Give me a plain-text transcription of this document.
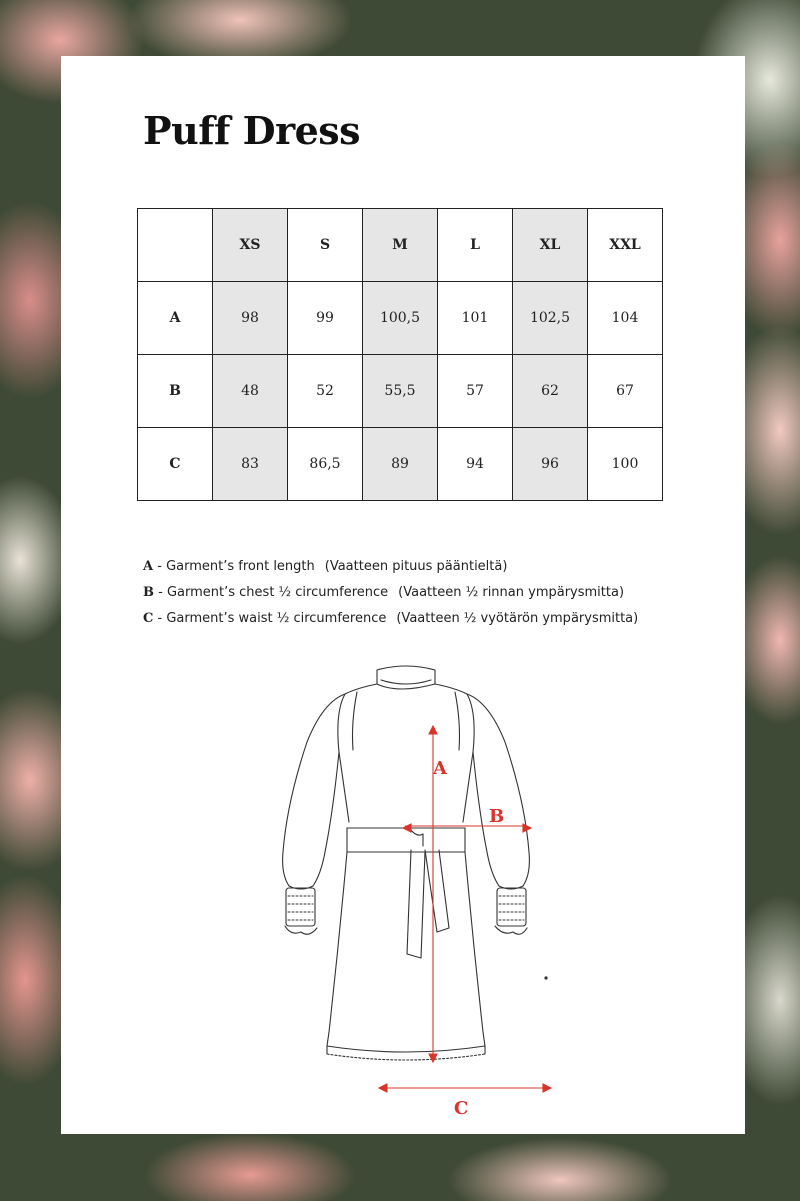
Puff Dress
	XS	S	M	L	XL	XXL
A	98	99	100,5	101	102,5	104
B	48	52	55,5	57	62	67
C	83	86,5	89	94	96	100
A - Garment’s front length (Vaatteen pituus pääntieltä)
B - Garment’s chest ½ circumference (Vaatteen ½ rinnan ympärysmitta)
C - Garment’s waist ½ circumference (Vaatteen ½ vyötärön ympärysmitta)
A
B
C
